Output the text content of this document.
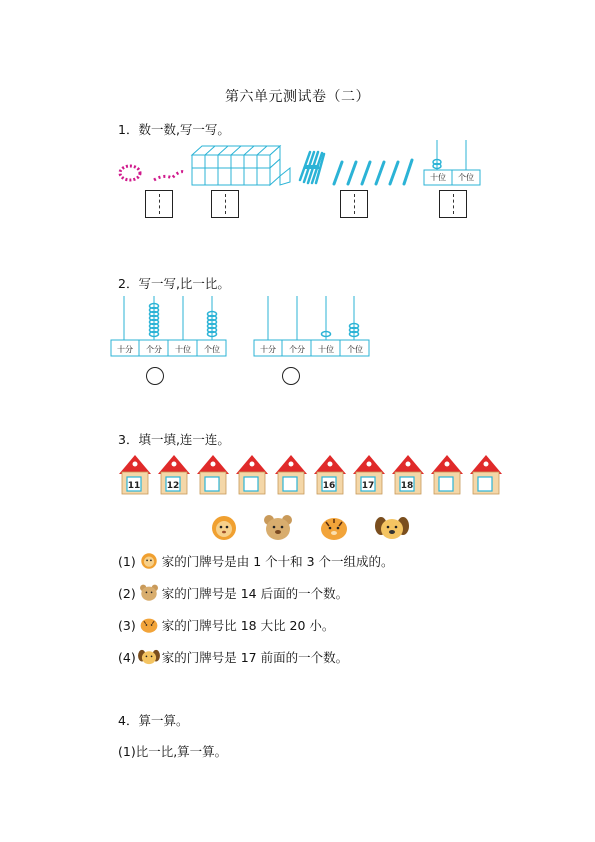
第六单元测试卷（二）
1．数一数,写一写。
十位	个位
2．写一写,比一比。
十分	个分	十位	个位	十分	个分	十位	个位
3．填一填,连一连。
11	12	16	17	18
(1) 家的门牌号是由 1 个十和 3 个一组成的。
(2) 家的门牌号是 14 后面的一个数。
(3) 家的门牌号比 18 大比 20 小。
(4) 家的门牌号是 17 前面的一个数。
4．算一算。
(1)比一比,算一算。
